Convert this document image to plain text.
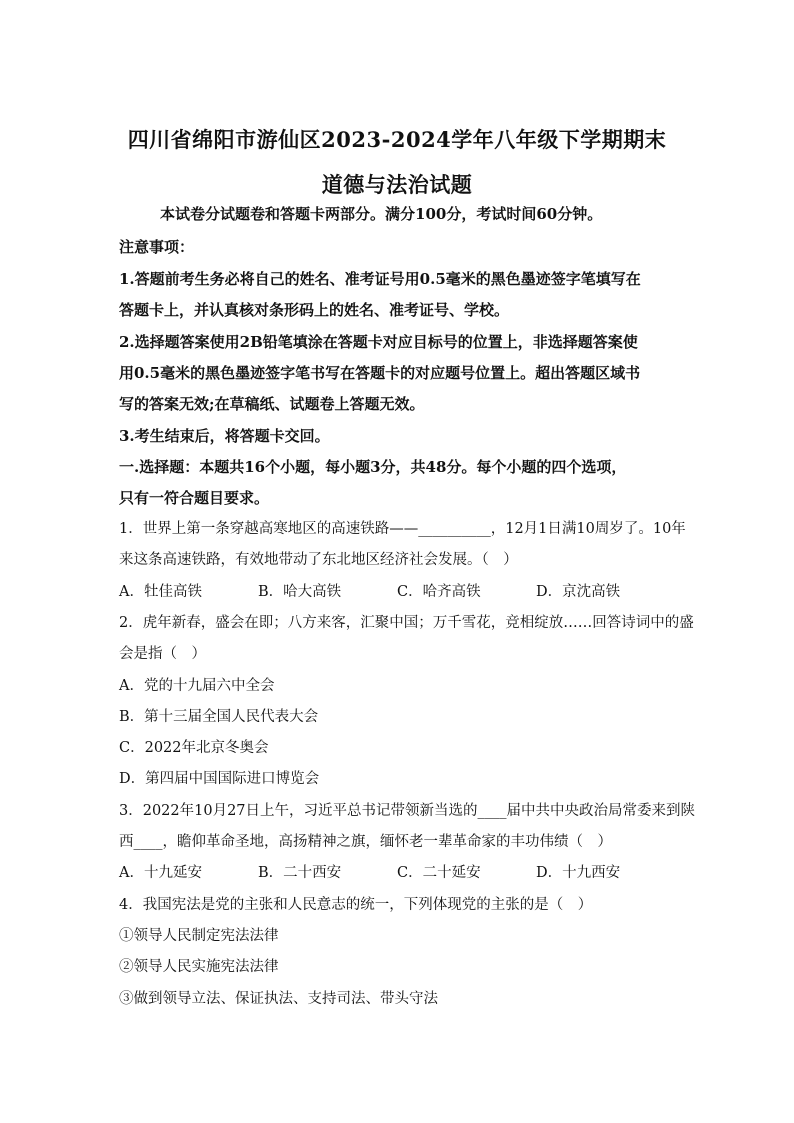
四川省绵阳市游仙区2023-2024学年八年级下学期期末
道德与法治试题
本试卷分试题卷和答题卡两部分。满分100分，考试时间60分钟。
注意事项：
1.答题前考生务必将自己的姓名、准考证号用0.5毫米的黑色墨迹签字笔填写在
答题卡上，并认真核对条形码上的姓名、准考证号、学校。
2.选择题答案使用2B铅笔填涂在答题卡对应目标号的位置上，非选择题答案使
用0.5毫米的黑色墨迹签字笔书写在答题卡的对应题号位置上。超出答题区域书
写的答案无效;在草稿纸、试题卷上答题无效。
3.考生结束后，将答题卡交回。
一.选择题：本题共16个小题，每小题3分，共48分。每个小题的四个选项，
只有一符合题目要求。
1．世界上第一条穿越高寒地区的高速铁路——__________，12月1日满10周岁了。10年
来这条高速铁路，有效地带动了东北地区经济社会发展。（　）
A．牡佳高铁	B．哈大高铁	C．哈齐高铁	D．京沈高铁
2．虎年新春，盛会在即；八方来客，汇聚中国；万千雪花，竞相绽放……回答诗词中的盛
会是指（　）
A．党的十九届六中全会
B．第十三届全国人民代表大会
C．2022年北京冬奥会
D．第四届中国国际进口博览会
3．2022年10月27日上午，习近平总书记带领新当选的____届中共中央政治局常委来到陕
西____，瞻仰革命圣地，高扬精神之旗，缅怀老一辈革命家的丰功伟绩（　）
A．十九延安	B．二十西安	C．二十延安	D．十九西安
4．我国宪法是党的主张和人民意志的统一，下列体现党的主张的是（　）
①领导人民制定宪法法律
②领导人民实施宪法法律
③做到领导立法、保证执法、支持司法、带头守法
